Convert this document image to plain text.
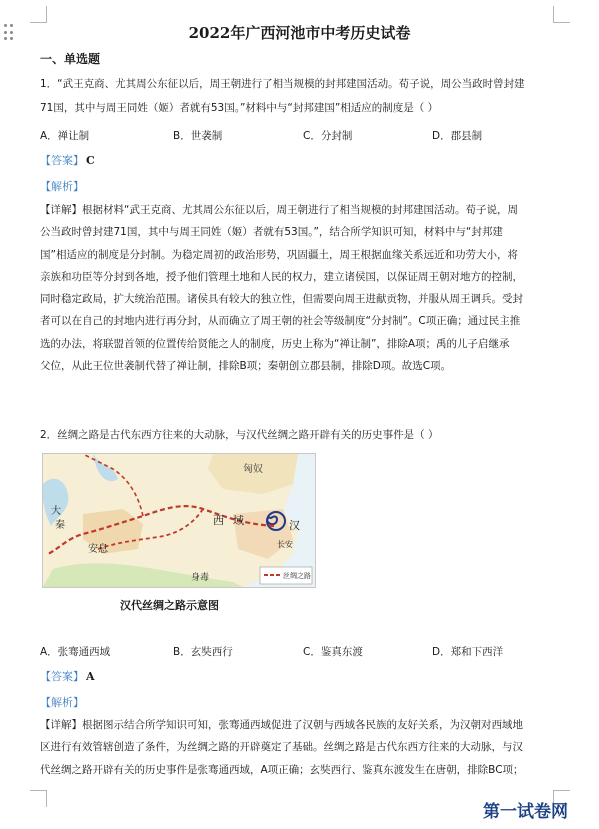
2022年广西河池市中考历史试卷
一、单选题

1．“武王克商、尤其周公东征以后，周王朝进行了相当规模的封邦建国活动。荀子说，周公当政时曾封建

71国，其中与周王同姓（姬）者就有53国。”材料中与“封邦建国”相适应的制度是（ ）

A．禅让制	B．世袭制	C．分封制	D．郡县制
【答案】 C
【解析】
【详解】根据材料“武王克商、尤其周公东征以后，周王朝进行了相当规模的封邦建国活动。荀子说，周
公当政时曾封建71国，其中与周王同姓（姬）者就有53国。”，结合所学知识可知，材料中与“封邦建
国”相适应的制度是分封制。为稳定周初的政治形势，巩固疆土，周王根据血缘关系远近和功劳大小，将
亲族和功臣等分封到各地，授予他们管理土地和人民的权力，建立诸侯国，以保证周王朝对地方的控制，
同时稳定政局，扩大统治范围。诸侯具有较大的独立性，但需要向周王进献贡物，并服从周王调兵。受封
者可以在自己的封地内进行再分封，从而确立了周王朝的社会等级制度“分封制”。C项正确；通过民主推
选的办法，将联盟首领的位置传给贤能之人的制度，历史上称为“禅让制”，排除A项；禹的儿子启继承
父位，从此王位世袭制代替了禅让制，排除B项；秦朝创立郡县制，排除D项。故选C项。

2．丝绸之路是古代东西方往来的大动脉，与汉代丝绸之路开辟有关的历史事件是（ ）

丝绸之路
匈奴
汉
长安
安息
大
秦	西 域
身毒
汉代丝绸之路示意图
A．张骞通西域	B．玄奘西行	C．鉴真东渡	D．郑和下西洋
【答案】 A
【解析】
【详解】根据图示结合所学知识可知，张骞通西域促进了汉朝与西域各民族的友好关系，为汉朝对西域地
区进行有效管辖创造了条件，为丝绸之路的开辟奠定了基础。丝绸之路是古代东西方往来的大动脉，与汉
代丝绸之路开辟有关的历史事件是张骞通西域，A项正确；玄奘西行、鉴真东渡发生在唐朝，排除BC项；
第一试卷网
